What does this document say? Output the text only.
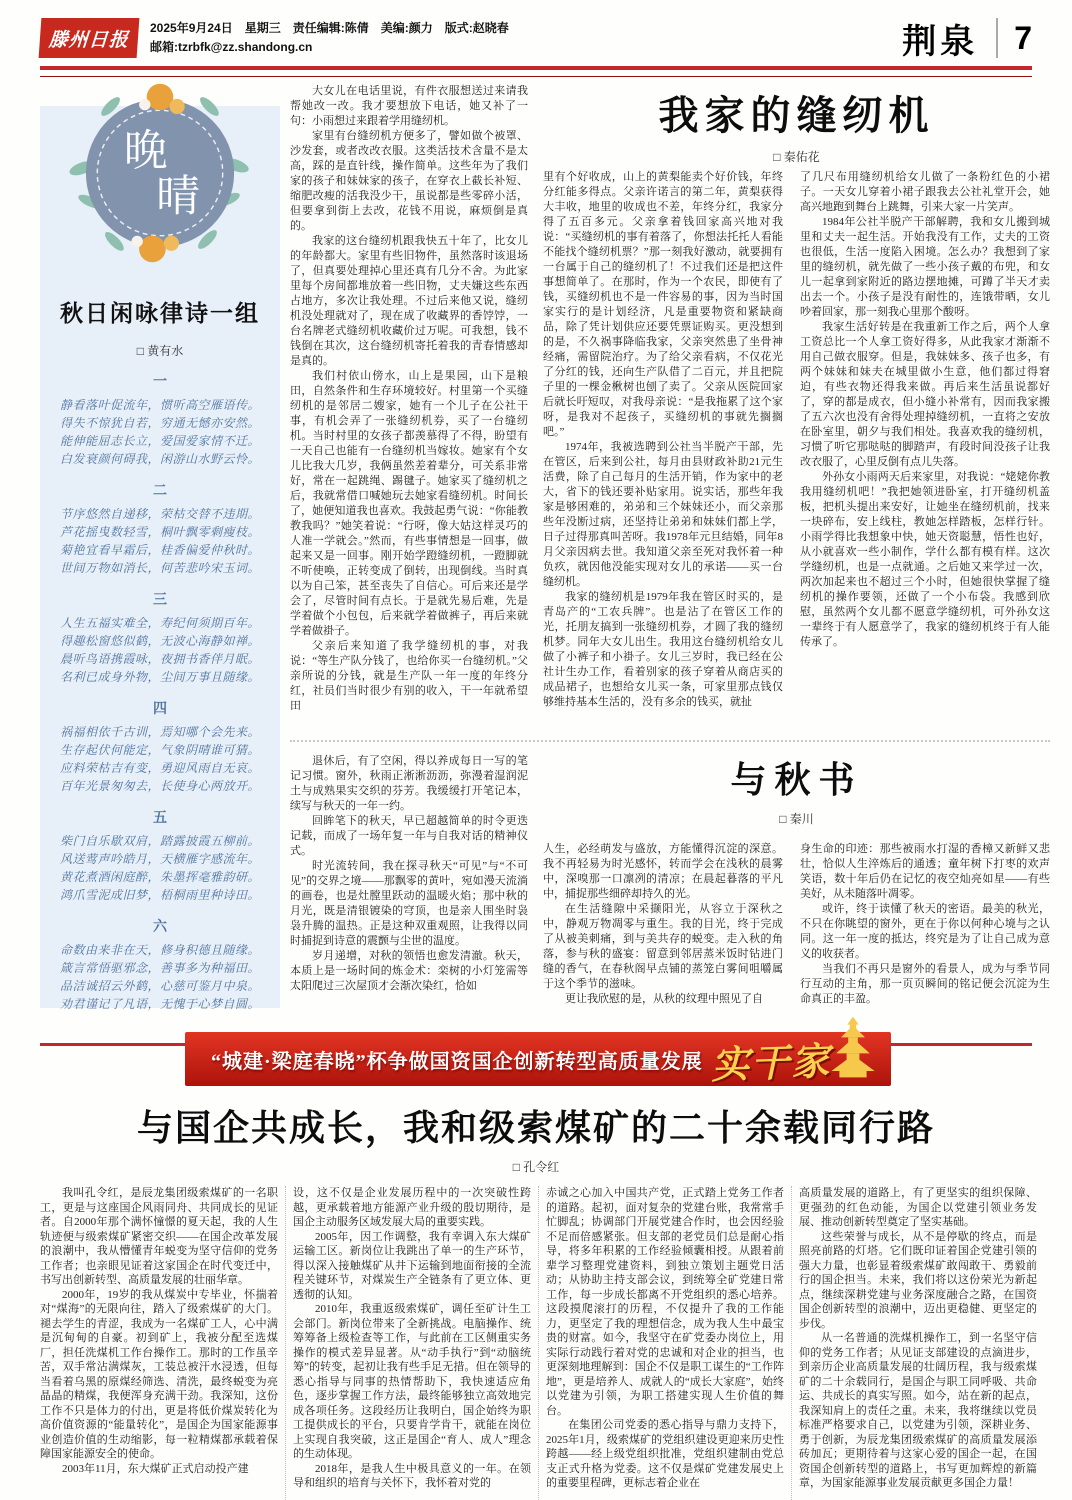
滕州日报
2025年9月24日　星期三　责任编辑:陈倩　美编:颜力　版式:赵晓春
邮箱:tzrbfk@zz.shandong.cn	荆泉 7
晚
晴
秋日闲咏律诗一组
□ 黄有水
一
静看落叶促流年，惯听高空雁语传。
得失不惊犹自若，穷通无憾亦安然。
能伸能屈志长立，爱国爱家情不迁。
白发衰颜何碍我，闲游山水野云怜。
二
节序悠然自递移，荣枯交替不违期。
芦花摇曳数轻雪，桐叶飘零剩瘦枝。
菊艳宜看早霜后，桂香偏爱仲秋时。
世间万物如消长，何苦悲吟宋玉词。
三
人生五福实难全，寿纪何须期百年。
得趣松窗悠似鹤，无波心海静如禅。
晨听鸟语携霞咏，夜拥书香伴月眠。
名利已成身外物，尘间万事且随缘。
四
祸福相依千古训，焉知哪个会先来。
生存起伏何能定，气象阴晴谁可猜。
应料荣枯吉有变，勇迎风雨自无哀。
百年光景匆匆去，长使身心两放开。
五
柴门自乐歇双肩，踏露披霞五柳前。
风送莺声吟皓月，天横雁字感流年。
黄花煮酒闲庭醉，朱墨挥毫雅韵研。
鸿爪雪泥成旧梦，梧桐雨里种诗田。
六
命数由来非在天，修身积德且随缘。
箴言常悟驱邪念，善事多为种福田。
品洁诚招云外鹤，心慈可鉴月中泉。
劝君谨记了凡语，无愧于心梦自圆。

大女儿在电话里说，有件衣服想送过来请我帮她改一改。我才要想放下电话，她又补了一句：小雨想过来跟着学用缝纫机。

家里有台缝纫机方便多了，譬如做个被罩、沙发套，或者改改衣服。这类活技术含量不是太高，踩的是直针线，操作简单。这些年为了我们家的孩子和妹妹家的孩子，在穿衣上截长补短、缩肥改瘦的活我没少干，虽说都是些零碎小活，但要拿到街上去改，花钱不用说，麻烦倒是真的。

我家的这台缝纫机跟我快五十年了，比女儿的年龄都大。家里有些旧物件，虽然落时该退场了，但真要处理掉心里还真有几分不舍。为此家里每个房间都堆放着一些旧物，丈夫嫌这些东西占地方，多次让我处理。不过后来他又说，缝纫机没处理就对了，现在成了收藏界的香饽饽，一台名牌老式缝纫机收藏价过万呢。可我想，钱不钱倒在其次，这台缝纫机寄托着我的青春情感却是真的。

我们村依山傍水，山上是果园，山下是粮田，自然条件和生存环境较好。村里第一个买缝纫机的是邻居二嫂家，她有一个儿子在公社干事，有机会弄了一张缝纫机券，买了一台缝纫机。当时村里的女孩子都羡慕得了不得，盼望有一天自己也能有一台缝纫机当嫁妆。她家有个女儿比我大几岁，我俩虽然差着辈分，可关系非常好，常在一起跳绳、踢毽子。她家买了缝纫机之后，我就常借口喊她玩去她家看缝纫机。时间长了，她便知道我也喜欢。我鼓起勇气说：“你能教教我吗？”她笑着说：“行呀，像大姑这样灵巧的人准一学就会。”然而，有些事情想是一回事，做起来又是一回事。刚开始学蹬缝纫机，一蹬脚就不听使唤，正转变成了倒转，出现倒线。当时真以为自己笨，甚至丧失了自信心。可后来还是学会了，尽管时间有点长。于是就先易后难，先是学着做个小包包，后来就学着做裤子，再后来就学着做褂子。

父亲后来知道了我学缝纫机的事，对我说：“等生产队分钱了，也给你买一台缝纫机。”父亲所说的分钱，就是生产队一年一度的年终分红，社员们当时很少有别的收入，干一年就希望田

我家的缝纫机
□ 秦佑花

里有个好收成，山上的黄梨能卖个好价钱，年终分红能多得点。父亲许诺言的第二年，黄梨获得大丰收，地里的收成也不差，年终分红，我家分得了五百多元。父亲拿着钱回家高兴地对我说：“买缝纫机的事有着落了，你想法托托人看能不能找个缝纫机票？”那一刻我好激动，就要拥有一台属于自己的缝纫机了！不过我们还是把这件事想简单了。在那时，作为一个农民，即使有了钱，买缝纫机也不是一件容易的事，因为当时国家实行的是计划经济，凡是重要物资和紧缺商品，除了凭计划供应还要凭票证购买。更没想到的是，不久祸事降临我家，父亲突然患了坐骨神经痛，需留院治疗。为了给父亲看病，不仅花光了分红的钱，还向生产队借了二百元，并且把院子里的一棵金楸树也刨了卖了。父亲从医院回家后就长吁短叹，对我母亲说：“是我拖累了这个家呀，是我对不起孩子，买缝纫机的事就先搁搁吧。”

1974年，我被选聘到公社当半脱产干部，先在管区，后来到公社，每月由县财政补助21元生活费，除了自己每月的生活开销，作为家中的老大，省下的钱还要补贴家用。说实话，那些年我家是够困难的，弟弟和三个妹妹还小，而父亲那些年没断过病，还坚持让弟弟和妹妹们都上学，日子过得那真叫苦呀。我1978年元旦结婚，同年8月父亲因病去世。我知道父亲至死对我怀着一种负疚，就因他没能实现对女儿的承诺——买一台缝纫机。

我家的缝纫机是1979年我在管区时买的，是青岛产的“工农兵牌”。也是沾了在管区工作的光，托朋友搞到一张缝纫机券，才圆了我的缝纫机梦。同年大女儿出生。我用这台缝纫机给女儿做了小裤子和小褂子。女儿三岁时，我已经在公社计生办工作，看着别家的孩子穿着从商店买的成品裙子，也想给女儿买一条，可家里那点钱仅够维持基本生活的，没有多余的钱买，就扯

了几尺布用缝纫机给女儿做了一条粉红色的小裙子。一天女儿穿着小裙子跟我去公社礼堂开会，她高兴地跑到舞台上跳舞，引来大家一片笑声。

1984年公社半脱产干部解聘，我和女儿搬到城里和丈夫一起生活。开始我没有工作，丈夫的工资也很低，生活一度陷入困境。怎么办？我想到了家里的缝纫机，就先做了一些小孩子戴的布兜，和女儿一起拿到家附近的路边摆地摊，可蹲了半天才卖出去一个。小孩子是没有耐性的，连饿带晒，女儿吵着回家，那一刻我心里那个酸呀。

我家生活好转是在我重新工作之后，两个人拿工资总比一个人拿工资好得多，从此我家才渐渐不用自己做衣服穿。但是，我妹妹多、孩子也多，有两个妹妹和妹夫在城里做小生意，他们都过得窘迫，有些衣物还得我来做。再后来生活虽说都好了，穿的都是成衣，但小缝小补常有，因而我家搬了五六次也没有舍得处理掉缝纫机，一直将之安放在卧室里，朝夕与我们相处。我喜欢我的缝纫机，习惯了听它那哒哒的脚踏声，有段时间没孩子让我改衣服了，心里反倒有点儿失落。

外孙女小雨两天后来家里，对我说：“姥姥你教我用缝纫机吧！”我把她领进卧室，打开缝纫机盖板，把机头提出来安好，让她坐在缝纫机前，找来一块碎布，安上线柱，教她怎样踏板，怎样行针。小雨学得比我想象中快，她天资聪慧，悟性也好，从小就喜欢一些小制作，学什么都有模有样。这次学缝纫机，也是一点就通。之后她又来学过一次，两次加起来也不超过三个小时，但她很快掌握了缝纫机的操作要领，还做了一个小布袋。我感到欣慰，虽然两个女儿都不愿意学缝纫机，可外孙女这一辈终于有人愿意学了，我家的缝纫机终于有人能传承了。

退休后，有了空闲，得以养成每日一写的笔记习惯。窗外，秋雨正淅淅沥沥，弥漫着湿润泥土与成熟果实交织的芬芳。我缓缓打开笔记本，续写与秋天的一年一约。

回眸笔下的秋天，早已超越简单的时令更迭记载，而成了一场年复一年与自我对话的精神仪式。

时光流转间，我在探寻秋天“可见”与“不可见”的交界之境——那飘零的黄叶，宛如漫天流淌的画卷，也是灶膛里跃动的温暖火焰；那中秋的月光，既是清银镀染的穹顶，也是亲人围坐时袅袅升腾的温热。正是这种双重观照，让我得以同时捕捉到诗意的震颤与尘世的温度。

岁月递增，对秋的领悟也愈发清澈。秋天，本质上是一场时间的炼金术：栾树的小灯笼需等太阳爬过三次屋顶才会渐次染红，恰如

与秋书
□ 秦川

人生，必经萌发与盛放，方能懂得沉淀的深意。我不再轻易为时光感怀，转而学会在浅秋的晨雾中，深嗅那一口凛冽的清凉；在晨起暮落的平凡中，捕捉那些细碎却持久的光。

在生活缝隙中采撷阳光，从容立于深秋之中，静观万物凋零与重生。我的目光，终于完成了从被美刺痛，到与美共存的蜕变。走入秋的角落，参与秋的盛宴：留意到邻居蒸米饭时钻进门缝的香气，在春秋阁早点铺的蒸笼白雾间咀嚼属于这个季节的滋味。

更让我欣慰的是，从秋的纹理中照见了自

身生命的印迹：那些被雨水打湿的香樟又新鲜又悲壮，恰似人生淬炼后的通透；童年树下打枣的欢声笑语，数十年后仍在记忆的夜空灿亮如星——有些美好，从未随落叶凋零。

或许，终于读懂了秋天的密语。最美的秋光，不只在你眺望的窗外，更在于你以何种心境与之认同。这一年一度的抵达，终究是为了让自己成为意义的收获者。

当我们不再只是窗外的看景人，成为与季节同行互动的主角，那一页页瞬间的铭记便会沉淀为生命真正的丰盈。

“城建·梁庭春晓”杯争做国资国企创新转型高质量发展 实干家
与国企共成长，我和级索煤矿的二十余载同行路
□ 孔令红

我叫孔令红，是辰龙集团级索煤矿的一名职工，更是与这座国企风雨同舟、共同成长的见证者。自2000年那个满怀憧憬的夏天起，我的人生轨迹便与级索煤矿紧密交织——在国企改革发展的浪潮中，我从懵懂青年蜕变为坚守信仰的党务工作者；也亲眼见证着这家国企在时代变迁中，书写出创新转型、高质量发展的壮丽华章。

2000年，19岁的我从煤炭中专毕业，怀揣着对“煤海”的无限向往，踏入了级索煤矿的大门。褪去学生的青涩，我成为一名煤矿工人，心中满是沉甸甸的自豪。初到矿上，我被分配至选煤厂，担任洗煤机工作台操作工。那时的工作虽辛苦，双手常沾满煤灰，工装总被汗水浸透，但每当看着乌黑的原煤经筛选、清洗，最终蜕变为亮晶晶的精煤，我便浑身充满干劲。我深知，这份工作不只是体力的付出，更是将低价煤炭转化为高价值资源的“能量转化”，是国企为国家能源事业创造价值的生动缩影，每一粒精煤都承载着保障国家能源安全的使命。

2003年11月，东大煤矿正式启动投产建

设，这不仅是企业发展历程中的一次突破性跨越，更承载着地方能源产业升级的殷切期待，是国企主动服务区域发展大局的重要实践。

2005年，因工作调整，我有幸调入东大煤矿运输工区。新岗位让我跳出了单一的生产环节，得以深入接触煤矿从井下运输到地面衔接的全流程关键环节，对煤炭生产全链条有了更立体、更透彻的认知。

2010年，我重返级索煤矿，调任至矿计生工会部门。新岗位带来了全新挑战。电脑操作、统筹筹备上级检查等工作，与此前在工区侧重实务操作的模式差异显著。从“动手执行”到“动脑统筹”的转变，起初让我有些手足无措。但在领导的悉心指导与同事的热情帮助下，我快速适应角色，逐步掌握工作方法，最终能够独立高效地完成各项任务。这段经历让我明白，国企始终为职工提供成长的平台，只要肯学肯干，就能在岗位上实现自我突破，这正是国企“育人、成人”理念的生动体现。

2018年，是我人生中极具意义的一年。在领导和组织的培育与关怀下，我怀着对党的

赤诚之心加入中国共产党，正式踏上党务工作者的道路。起初，面对复杂的党建台账，我常常手忙脚乱；协调部门开展党建合作时，也会因经验不足而倍感紧张。但支部的老党员们总是耐心指导，将多年积累的工作经验倾囊相授。从跟着前辈学习整理党建资料，到独立策划主题党日活动；从协助主持支部会议，到统筹全矿党建日常工作，每一步成长都离不开党组织的悉心培养。这段摸爬滚打的历程，不仅提升了我的工作能力，更坚定了我的理想信念，成为我人生中最宝贵的财富。如今，我坚守在矿党委办岗位上，用实际行动践行着对党的忠诚和对企业的担当，也更深刻地理解到：国企不仅是职工谋生的“工作阵地”，更是培养人、成就人的“成长大家庭”，始终以党建为引领，为职工搭建实现人生价值的舞台。

在集团公司党委的悉心指导与鼎力支持下，2025年1月，级索煤矿的党组织建设更迎来历史性跨越——经上级党组织批准，党组织建制由党总支正式升格为党委。这不仅是煤矿党建发展史上的重要里程碑，更标志着企业在

高质量发展的道路上，有了更坚实的组织保障、更强劲的红色动能，为国企以党建引领业务发展、推动创新转型奠定了坚实基础。

这些荣誉与成长，从不是停歇的终点，而是照亮前路的灯塔。它们既印证着国企党建引领的强大力量，也彰显着级索煤矿敢闯敢干、勇毅前行的国企担当。未来，我们将以这份荣光为新起点，继续深耕党建与业务深度融合之路，在国资国企创新转型的浪潮中，迈出更稳健、更坚定的步伐。

从一名普通的洗煤机操作工，到一名坚守信仰的党务工作者；从见证支部建设的点滴进步，到亲历企业高质量发展的壮阔历程，我与级索煤矿的二十余载同行，是国企与职工同呼吸、共命运、共成长的真实写照。如今，站在新的起点，我深知肩上的责任之重。未来，我将继续以党员标准严格要求自己，以党建为引领，深耕业务、勇于创新，为辰龙集团级索煤矿的高质量发展添砖加瓦；更期待着与这家心爱的国企一起，在国资国企创新转型的道路上，书写更加辉煌的新篇章，为国家能源事业发展贡献更多国企力量！
